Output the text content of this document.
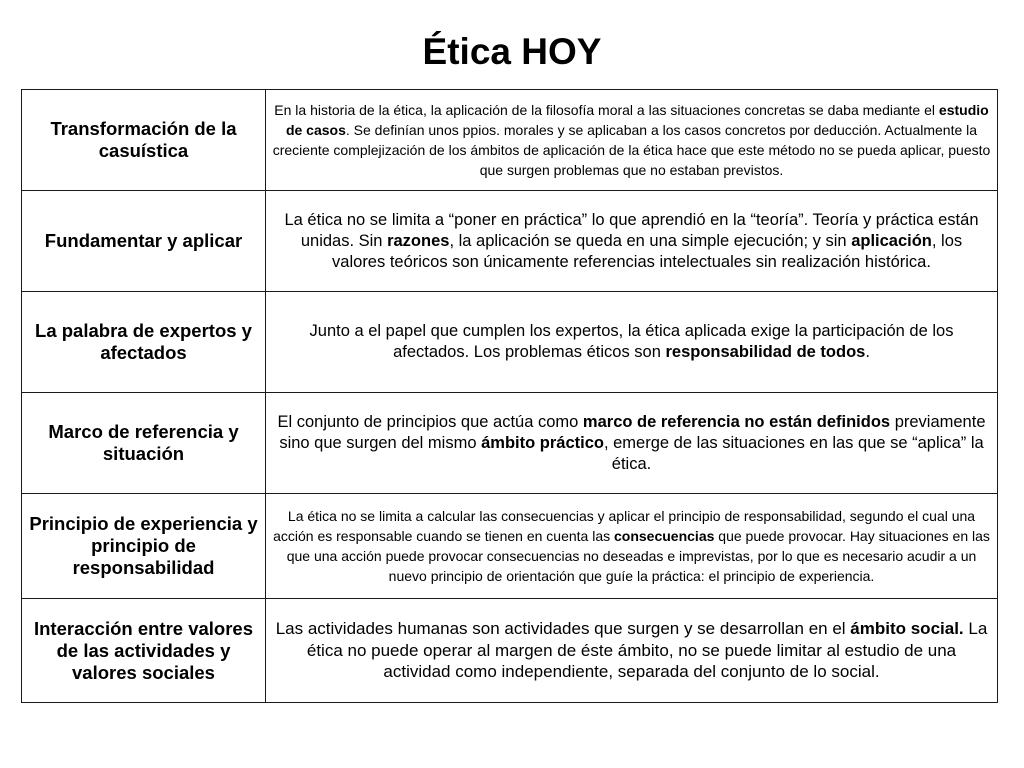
Ética HOY
Transformación de la casuística	En la historia de la ética, la aplicación de la filosofía moral a las situaciones concretas se daba mediante el estudio de casos. Se definían unos ppios. morales y se aplicaban a los casos concretos por deducción. Actualmente la creciente complejización de los ámbitos de aplicación de la ética hace que este método no se pueda aplicar, puesto que surgen problemas que no estaban previstos.
Fundamentar y aplicar	La ética no se limita a “poner en práctica” lo que aprendió en la “teoría”. Teoría y práctica están unidas. Sin razones, la aplicación se queda en una simple ejecución; y sin aplicación, los valores teóricos son únicamente referencias intelectuales sin realización histórica.
La palabra de expertos y afectados	Junto a el papel que cumplen los expertos, la ética aplicada exige la participación de los afectados. Los problemas éticos son responsabilidad de todos.
Marco de referencia y situación	El conjunto de principios que actúa como marco de referencia no están definidos previamente sino que surgen del mismo ámbito práctico, emerge de las situaciones en las que se “aplica” la ética.
Principio de experiencia y principio de responsabilidad	La ética no se limita a calcular las consecuencias y aplicar el principio de responsabilidad, segundo el cual una acción es responsable cuando se tienen en cuenta las consecuencias que puede provocar. Hay situaciones en las que una acción puede provocar consecuencias no deseadas e imprevistas, por lo que es necesario acudir a un nuevo principio de orientación que guíe la práctica: el principio de experiencia.
Interacción entre valores de las actividades y valores sociales	Las actividades humanas son actividades que surgen y se desarrollan en el ámbito social. La ética no puede operar al margen de éste ámbito, no se puede limitar al estudio de una actividad como independiente, separada del conjunto de lo social.
